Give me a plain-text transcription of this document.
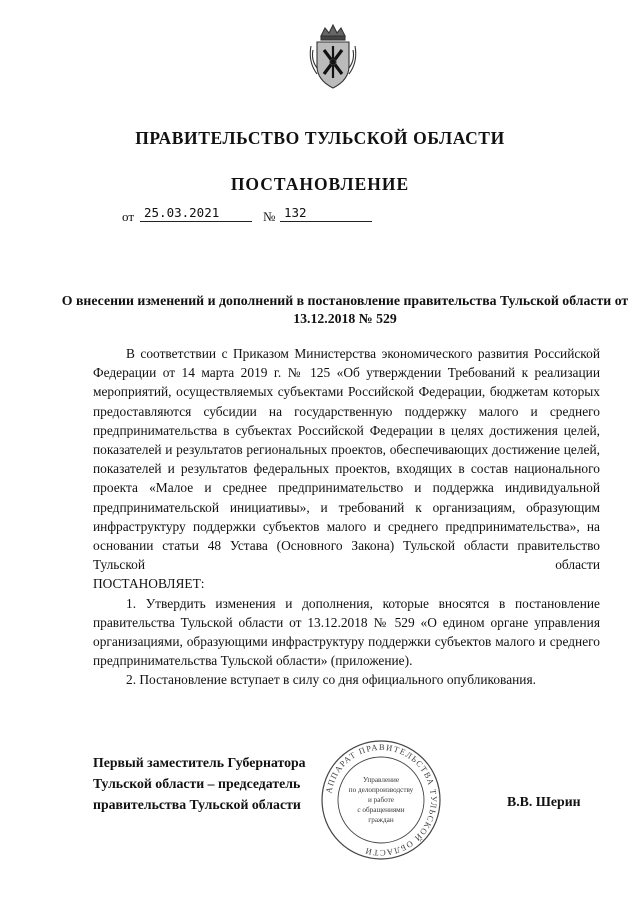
ПРАВИТЕЛЬСТВО ТУЛЬСКОЙ ОБЛАСТИ
ПОСТАНОВЛЕНИЕ
от 25.03.2021	№ 132
О внесении изменений и дополнений в постановление правительства Тульской области от 13.12.2018 № 529

В соответствии с Приказом Министерства экономического развития Российской Федерации от 14 марта 2019 г. № 125 «Об утверждении Требований к реализации мероприятий, осуществляемых субъектами Российской Федерации, бюджетам которых предоставляются субсидии на государственную поддержку малого и среднего предпринимательства в субъектах Российской Федерации в целях достижения целей, показателей и результатов региональных проектов, обеспечивающих достижение целей, показателей и результатов федеральных проектов, входящих в состав национального проекта «Малое и среднее предпринимательство и поддержка индивидуальной предпринимательской инициативы», и требований к организациям, образующим инфраструктуру поддержки субъектов малого и среднего предпринимательства», на основании статьи 48 Устава (Основного Закона) Тульской области правительство Тульской области

ПОСТАНОВЛЯЕТ:

1. Утвердить изменения и дополнения, которые вносятся в постановление правительства Тульской области от 13.12.2018 № 529 «О едином органе управления организациями, образующими инфраструктуру поддержки субъектов малого и среднего предпринимательства Тульской области» (приложение).

2. Постановление вступает в силу со дня официального опубликования.

Первый заместитель Губернатора
Тульской области – председатель
правительства Тульской области
АППАРАТ ПРАВИТЕЛЬСТВА ТУЛЬСКОЙ ОБЛАСТИ
Управление
по делопроизводству
и работе
с обращениями
граждан
В.В. Шерин
